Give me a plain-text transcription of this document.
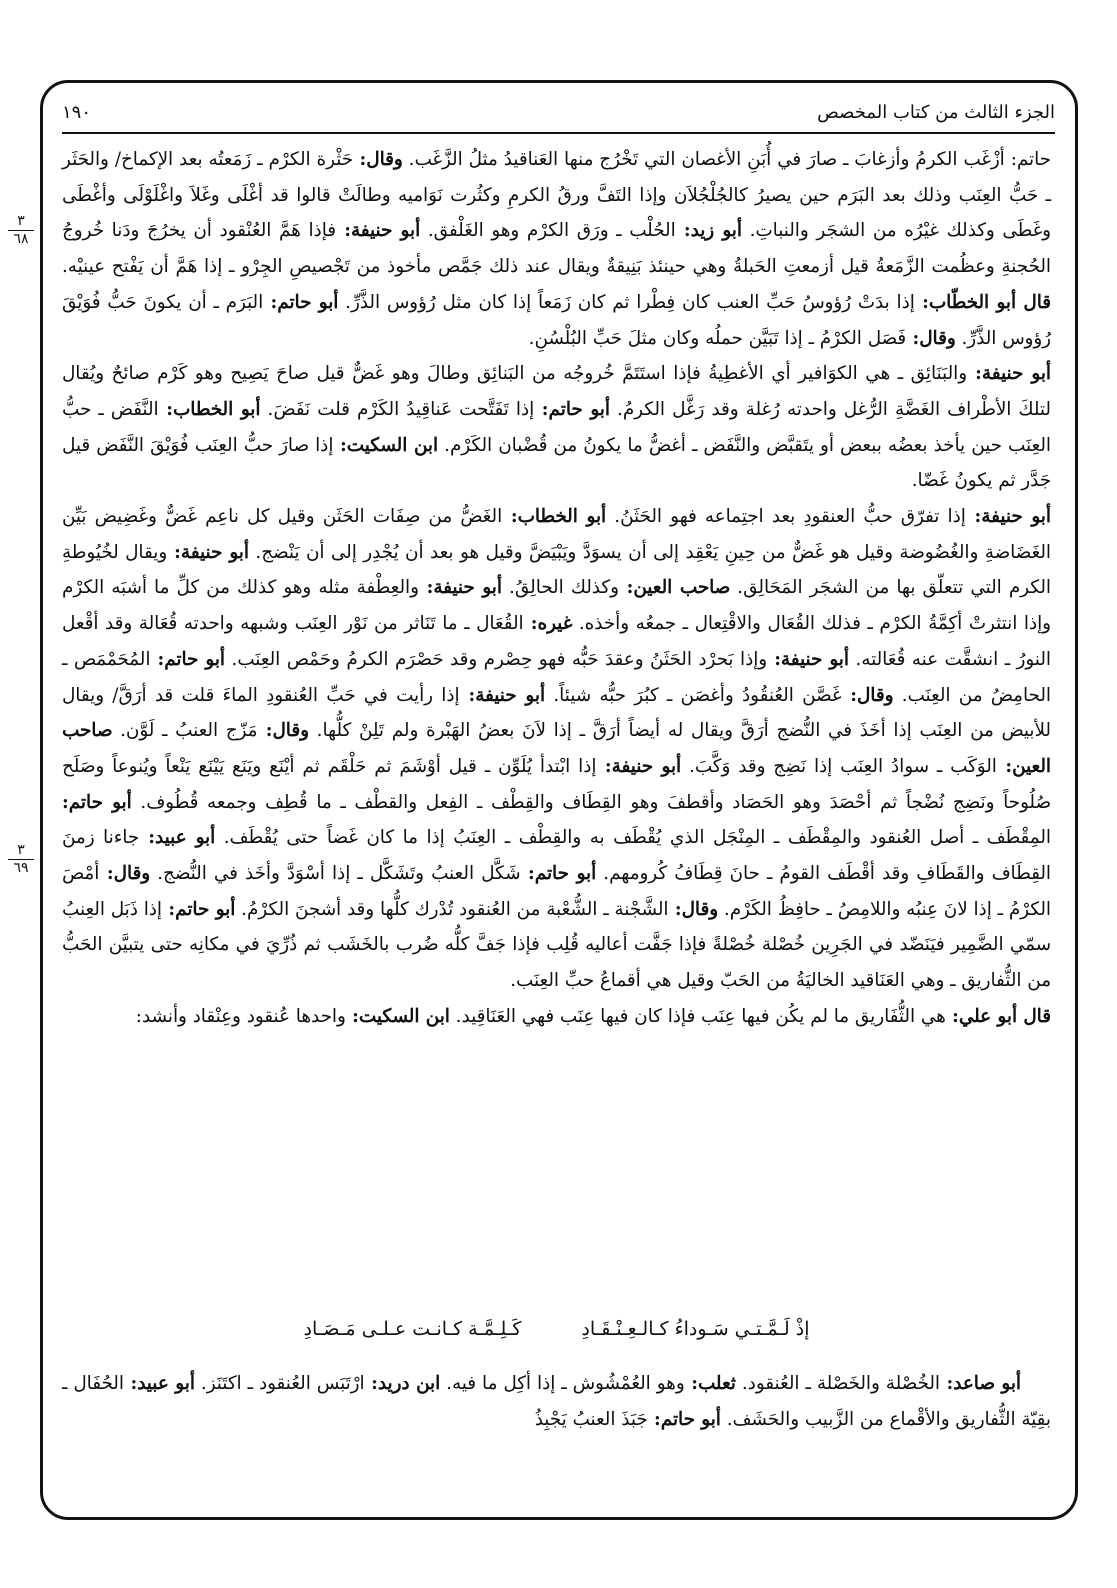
الجزء الثالث من كتاب المخصص
١٩٠
٣
٦٨
٣
٦٩

حاتم: أزْغَب الكرمُ وأزغابَ ـ صارَ في أُبَنِ الأغصان التي تَخْرُج منها العَناقيدُ مثلُ الزَّغَب. وقال: حَثْرة الكرْم ـ زَمَعتُه بعد الإكماخ/ والحَثَر ـ حَبُّ العِنَب وذلك بعد البَرَم حين يصيرُ كالجُلْجُلاَن وإذا التَفَّ ورقُ الكرمِ وكثُرت نَوَاميه وطالَتْ قالوا قد أغْلَى وغَلاَ واغْلَوْلَى وأغْطَى وغَطَى وكذلك غيْرُه من الشجَر والنباتِ. أبو زيد: الحُلْب ـ ورَق الكرْم وهو الغَلْفق. أبو حنيفة: فإذا هَمَّ العُنْقود أن يخرُجَ ودَنا خُروجُ الحُجنةِ وعظُمت الزَّمَعةُ قيل أزمعتِ الحَبلةُ وهي حينئذ بَنِيقةٌ ويقال عند ذلك جَمَّص مأخوذ من تَجْصيصِ الجِرْو ـ إذا هَمَّ أن يَفْتح عينيْه. قال أبو الخطّاب: إذا بدَتْ رُؤوسُ حَبِّ العنب كان فِطْرا ثم كان زَمَعاً إذا كان مثل رُؤوس الذَّرِّ. أبو حاتم: البَرَم ـ أن يكونَ حَبُّ فُوَيْقَ رُؤوس الذَّرِّ. وقال: فَصَل الكرْمُ ـ إذا تَبَيَّن حملُه وكان مثلَ حَبِّ البُلْسُنِ.

أبو حنيفة: والبَنَائِق ـ هي الكوَافير أي الأغطِيةُ فإذا استَتَمَّ خُروجُه من البَنائِق وطالَ وهو غَضٌّ قيل صاحَ يَصِيح وهو كَرْم صائحٌ ويُقال لتلكَ الأطْراف الغَضَّةِ الرُّغل واحدته رُغلة وقد رَغَّل الكرمُ. أبو حاتم: إذا تَفَتَّحت عَناقِيدُ الكَرْم قلت نَفَضَ. أبو الخطاب: النَّفَض ـ حبُّ العِنَب حين يأخذ بعضُه ببعض أو يتَقبَّض والنَّفَض ـ أغضُّ ما يكونُ من قُضْبان الكَرْم. ابن السكيت: إذا صارَ حبُّ العِنَب فُوَيْقَ النَّفَض قيل جَدَّر ثم يكونُ غَضّا.

أبو حنيفة: إذا تفرّق حبُّ العنقودِ بعد اجتِماعه فهو الحَثَنُ. أبو الخطاب: الغَضُّ من صِفَات الحَثَن وقيل كل ناعِم غَضٌّ وغَضِيض بَيِّن الغَضَاضةِ والغُضُوضة وقيل هو غَضٌّ من حِينِ يَعْقِد إلى أن يسوَدَّ ويَبْيَضَّ وقيل هو بعد أن يُجْدِر إلى أن يَنْضج. أبو حنيفة: ويقال لخُيُوطةِ الكرم التي تتعلّق بها من الشجَر المَحَالِق. صاحب العين: وكذلك الحالِقُ. أبو حنيفة: والعِطْفة مثله وهو كذلك من كلِّ ما أشبَه الكرْم وإذا انتثرتْ أكِمَّةُ الكرْم ـ فذلك القُعَال والاقْتِعال ـ جمعُه وأخذه. غيره: القُعَال ـ ما تَنَاثر من نَوْر العِنَب وشبهه واحدته قُعَالة وقد أقْعل النورُ ـ انشقَّت عنه قُعَالته. أبو حنيفة: وإذا بَحرْد الحَثَنُ وعقدَ حَبُّه فهو حِصْرم وقد حَصْرَم الكرمُ وحَمْص العِنَب. أبو حاتم: المُحَمْمَص ـ الحامِضُ من العِنَب. وقال: غَصَّن العُنقُودُ وأغصَن ـ كبُرَ حبُّه شيئاً. أبو حنيفة: إذا رأيت في حَبِّ العُنقودِ الماءَ قلت قد أرَقَّ/ ويقال للأبيض من العِنَب إذا أخَذَ في النُّضج أرَقَّ ويقال له أيضاً أرَقَّ ـ إذا لاَنَ بعضُ الهَبْرة ولم تَلِنْ كلُّها. وقال: مَزّج العنبُ ـ لَوَّن. صاحب العين: الوَكَب ـ سوادُ العِنَب إذا نَضِج وقد وَكَّبَ. أبو حنيفة: إذا ابْتدأ يُلَوِّن ـ قيل أوْشَمَ ثم حَلْقَم ثم أيْنَع ويَنَع يَيْنَع يَنْعاً ويُنوعاً وصَلَح صُلُوحاً ونَضِج نُضْجاً ثم أحْصَدَ وهو الحَصَاد وأقطفَ وهو القِطَاف والقِطْف ـ الفِعل والقطْف ـ ما قُطِف وجمعه قُطُوف. أبو حاتم: المِقْطَف ـ أصل العُنقود والمِقْطَف ـ المِنْجَل الذي يُقْطَف به والقِطْف ـ العِنَبُ إذا ما كان غَضاً حتى يُقْطَف. أبو عبيد: جاءنا زمنَ القِطَاف والقَطَافِ وقد أقْطَف القومُ ـ حانَ قِطَافُ كُرومهم. أبو حاتم: شَكَّل العنبُ وتَشَكَّل ـ إذا أسْوَدَّ وأخَذ في النُّضج. وقال: أمْصَ الكرْمُ ـ إذا لانَ عِنبُه واللامِصُ ـ حافِظُ الكَرْم. وقال: الشَّجْنة ـ الشُّعْبة من العُنقود تُدْرك كلُّها وقد أشجنَ الكرْمُ. أبو حاتم: إذا ذَبَل العِنبُ سمّي الضَّمِير فيَنَضّد في الجَرِين خُصْلة خُصْلةً فإذا جَفَّت أعاليه قُلِب فإذا جَفَّ كلُّه ضُرب بالخَشَب ثم ذُرِّيَ في مكانِه حتى يتبيَّن الحَبُّ من الثُّفاريق ـ وهي العَنَاقيد الخاليَةُ من الحَبّ وقيل هي أقماعُ حبِّ العِنَب.

قال أبو علي: هي الثُّفَاريق ما لم يكُن فيها عِنَب فإذا كان فيها عِنَب فهي العَنَاقِيد. ابن السكيت: واحدها عُنقود وعِنْقاد وأنشد:

إذْ لَـمَّـتـي سَـوداءُ كـالـعِـنْـقَـادِ
كَـلِـمَّـة كـانـت عـلـى مَـصَـادِ

أبو صاعد: الخُصْلة والخَصْلة ـ العُنقود. ثعلب: وهو العُمْشُوش ـ إذا أكِل ما فيه. ابن دريد: ارْتَبَس العُنقود ـ اكتَنَز. أبو عبيد: الحُفَال ـ بقِيّة الثُّفاريق والأقْماع من الزَّبيب والحَشَف. أبو حاتم: جَبَذَ العنبُ يَجْبِذُ
